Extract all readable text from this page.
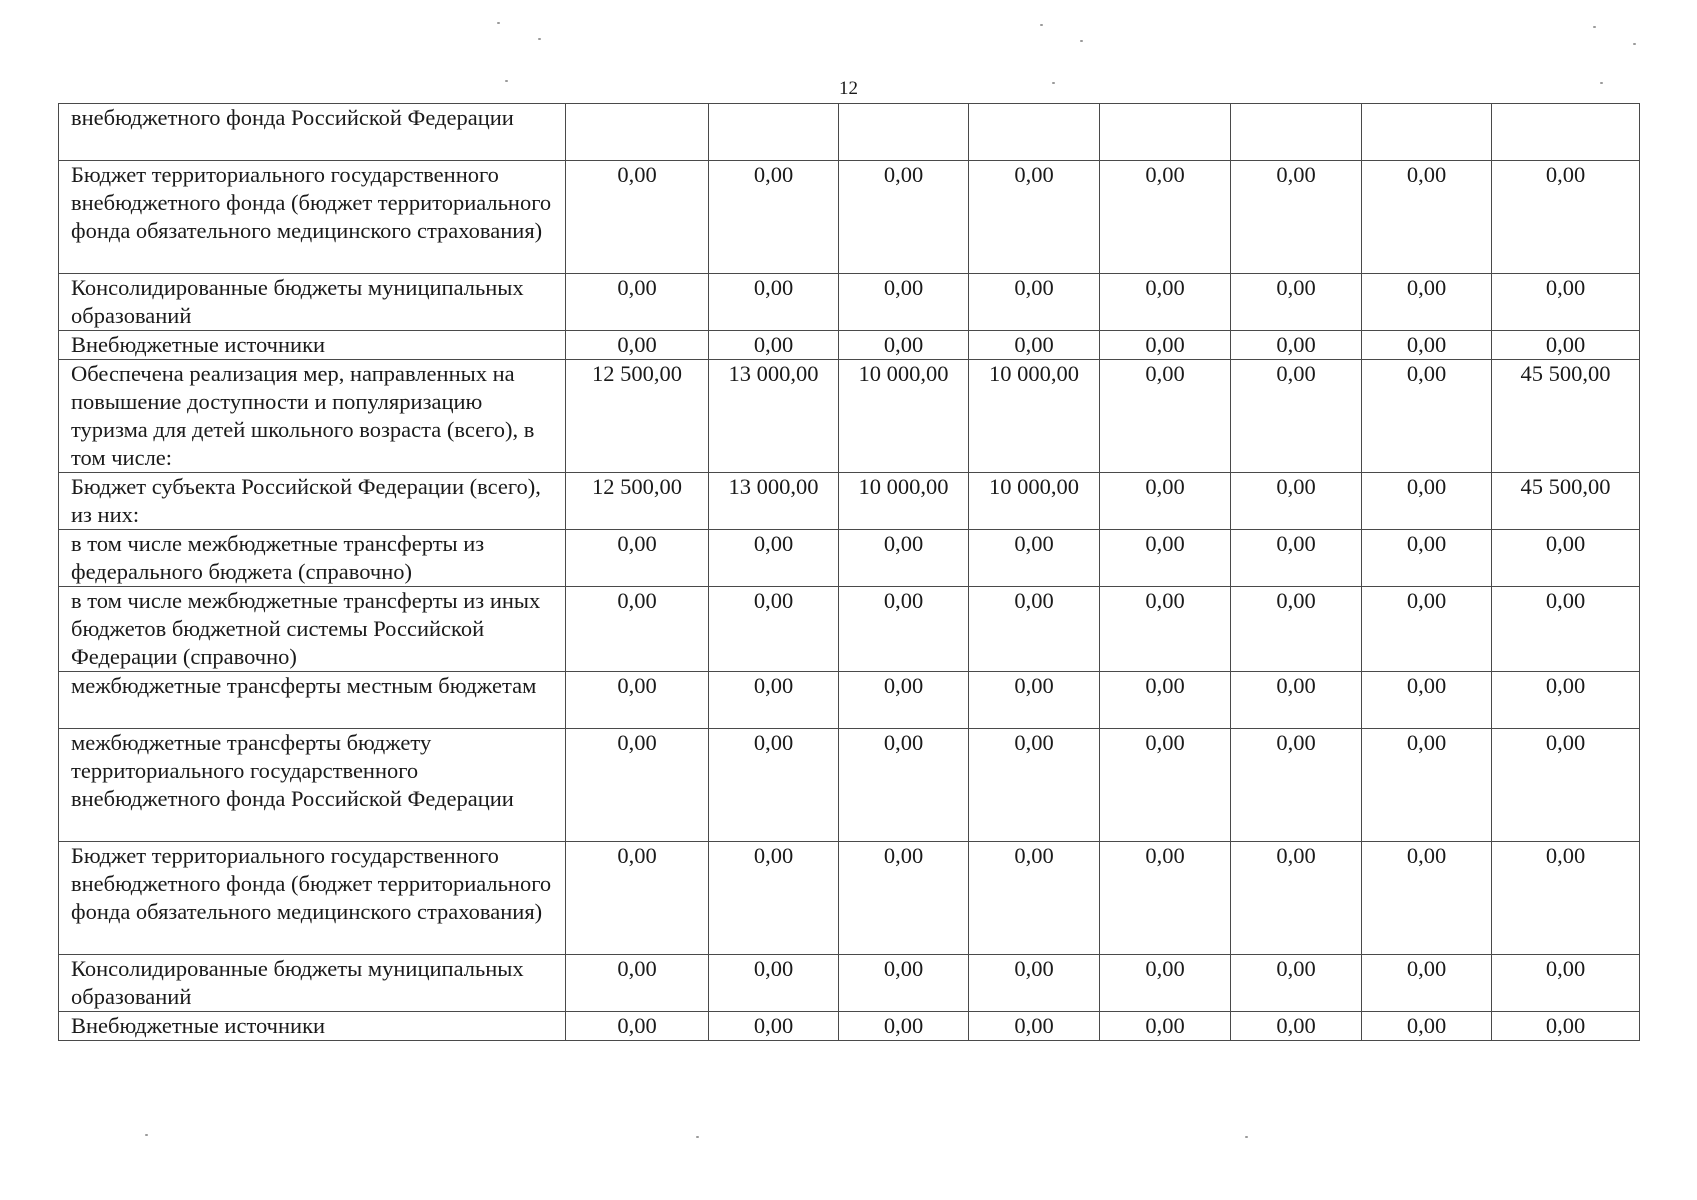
12
внебюджетного фонда Российской Федерации								
Бюджет территориального государственного внебюджетного фонда (бюджет территориального фонда обязательного медицинского страхования)	0,00	0,00	0,00	0,00	0,00	0,00	0,00	0,00
Консолидированные бюджеты муниципальных образований	0,00	0,00	0,00	0,00	0,00	0,00	0,00	0,00
Внебюджетные источники	0,00	0,00	0,00	0,00	0,00	0,00	0,00	0,00
Обеспечена реализация мер, направленных на повышение доступности и популяризацию туризма для детей школьного возраста (всего), в том числе:	12 500,00	13 000,00	10 000,00	10 000,00	0,00	0,00	0,00	45 500,00
Бюджет субъекта Российской Федерации (всего), из них:	12 500,00	13 000,00	10 000,00	10 000,00	0,00	0,00	0,00	45 500,00
в том числе межбюджетные трансферты из федерального бюджета (справочно)	0,00	0,00	0,00	0,00	0,00	0,00	0,00	0,00
в том числе межбюджетные трансферты из иных бюджетов бюджетной системы Российской Федерации (справочно)	0,00	0,00	0,00	0,00	0,00	0,00	0,00	0,00
межбюджетные трансферты местным бюджетам	0,00	0,00	0,00	0,00	0,00	0,00	0,00	0,00
межбюджетные трансферты бюджету территориального государственного внебюджетного фонда Российской Федерации	0,00	0,00	0,00	0,00	0,00	0,00	0,00	0,00
Бюджет территориального государственного внебюджетного фонда (бюджет территориального фонда обязательного медицинского страхования)	0,00	0,00	0,00	0,00	0,00	0,00	0,00	0,00
Консолидированные бюджеты муниципальных образований	0,00	0,00	0,00	0,00	0,00	0,00	0,00	0,00
Внебюджетные источники	0,00	0,00	0,00	0,00	0,00	0,00	0,00	0,00
